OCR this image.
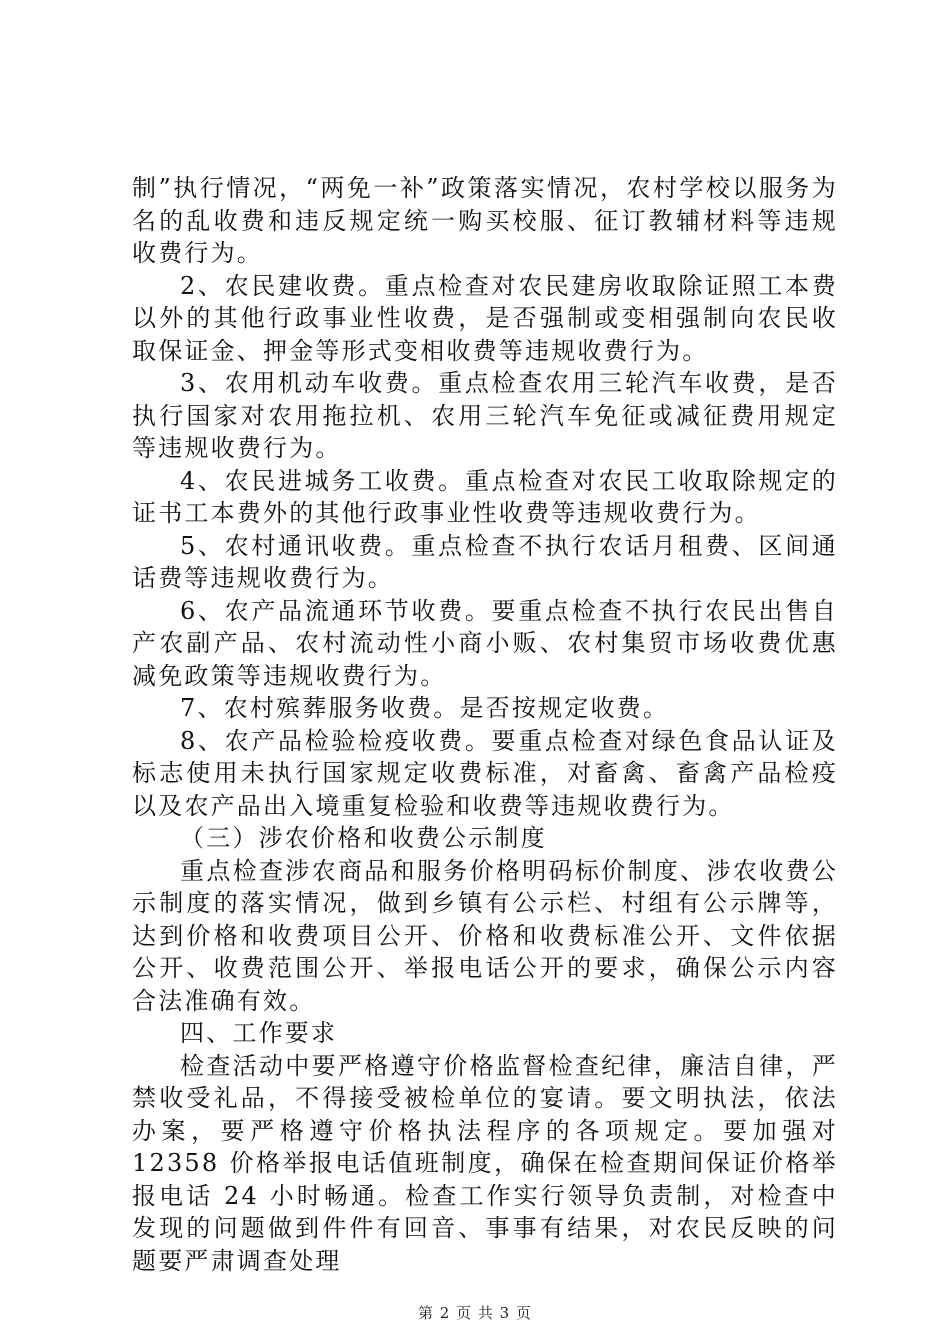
制”执行情况，“两免一补”政策落实情况，农村学校以服务为名的乱收费和违反规定统一购买校服、征订教辅材料等违规收费行为。

2、农民建收费。重点检查对农民建房收取除证照工本费以外的其他行政事业性收费，是否强制或变相强制向农民收取保证金、押金等形式变相收费等违规收费行为。

3、农用机动车收费。重点检查农用三轮汽车收费，是否执行国家对农用拖拉机、农用三轮汽车免征或减征费用规定等违规收费行为。

4、农民进城务工收费。重点检查对农民工收取除规定的证书工本费外的其他行政事业性收费等违规收费行为。

5、农村通讯收费。重点检查不执行农话月租费、区间通话费等违规收费行为。

6、农产品流通环节收费。要重点检查不执行农民出售自产农副产品、农村流动性小商小贩、农村集贸市场收费优惠减免政策等违规收费行为。

7、农村殡葬服务收费。是否按规定收费。

8、农产品检验检疫收费。要重点检查对绿色食品认证及标志使用未执行国家规定收费标准，对畜禽、畜禽产品检疫以及农产品出入境重复检验和收费等违规收费行为。

（三）涉农价格和收费公示制度

重点检查涉农商品和服务价格明码标价制度、涉农收费公示制度的落实情况，做到乡镇有公示栏、村组有公示牌等，达到价格和收费项目公开、价格和收费标准公开、文件依据公开、收费范围公开、举报电话公开的要求，确保公示内容合法准确有效。

四、工作要求

检查活动中要严格遵守价格监督检查纪律，廉洁自律，严禁收受礼品，不得接受被检单位的宴请。要文明执法，依法办案，要严格遵守价格执法程序的各项规定。要加强对 12358 价格举报电话值班制度，确保在检查期间保证价格举报电话 24 小时畅通。检查工作实行领导负责制，对检查中发现的问题做到件件有回音、事事有结果，对农民反映的问题要严肃调查处理

第 2 页 共 3 页
